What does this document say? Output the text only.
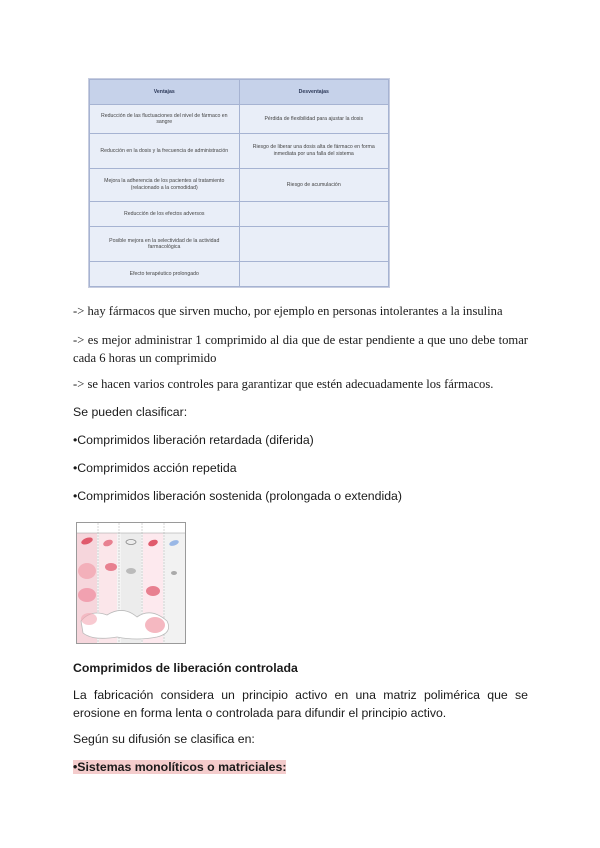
Ventajas	Desventajas
Reducción de las fluctuaciones del nivel de fármaco en sangre	Pérdida de flexibilidad para ajustar la dosis
Reducción en la dosis y la frecuencia de administración	Riesgo de liberar una dosis alta de fármaco en forma inmediata por una falla del sistema
Mejora la adherencia de los pacientes al tratamiento (relacionado a la comodidad)	Riesgo de acumulación
Reducción de los efectos adversos	
Posible mejora en la selectividad de la actividad farmacológica	
Efecto terapéutico prolongado	

-> hay fármacos que sirven mucho, por ejemplo en personas intolerantes a la insulina

-> es mejor administrar 1 comprimido al dia que de estar pendiente a que uno debe tomar cada 6 horas un comprimido

-> se hacen varios controles para garantizar que estén adecuadamente los fármacos.

Se pueden clasificar:

•Comprimidos liberación retardada (diferida)

•Comprimidos acción repetida

•Comprimidos liberación sostenida (prolongada o extendida)

Comprimidos de liberación controlada

La fabricación considera un principio activo en una matriz polimérica que se erosione en forma lenta o controlada para difundir el principio activo.

Según su difusión se clasifica en:

•Sistemas monolíticos o matriciales:
